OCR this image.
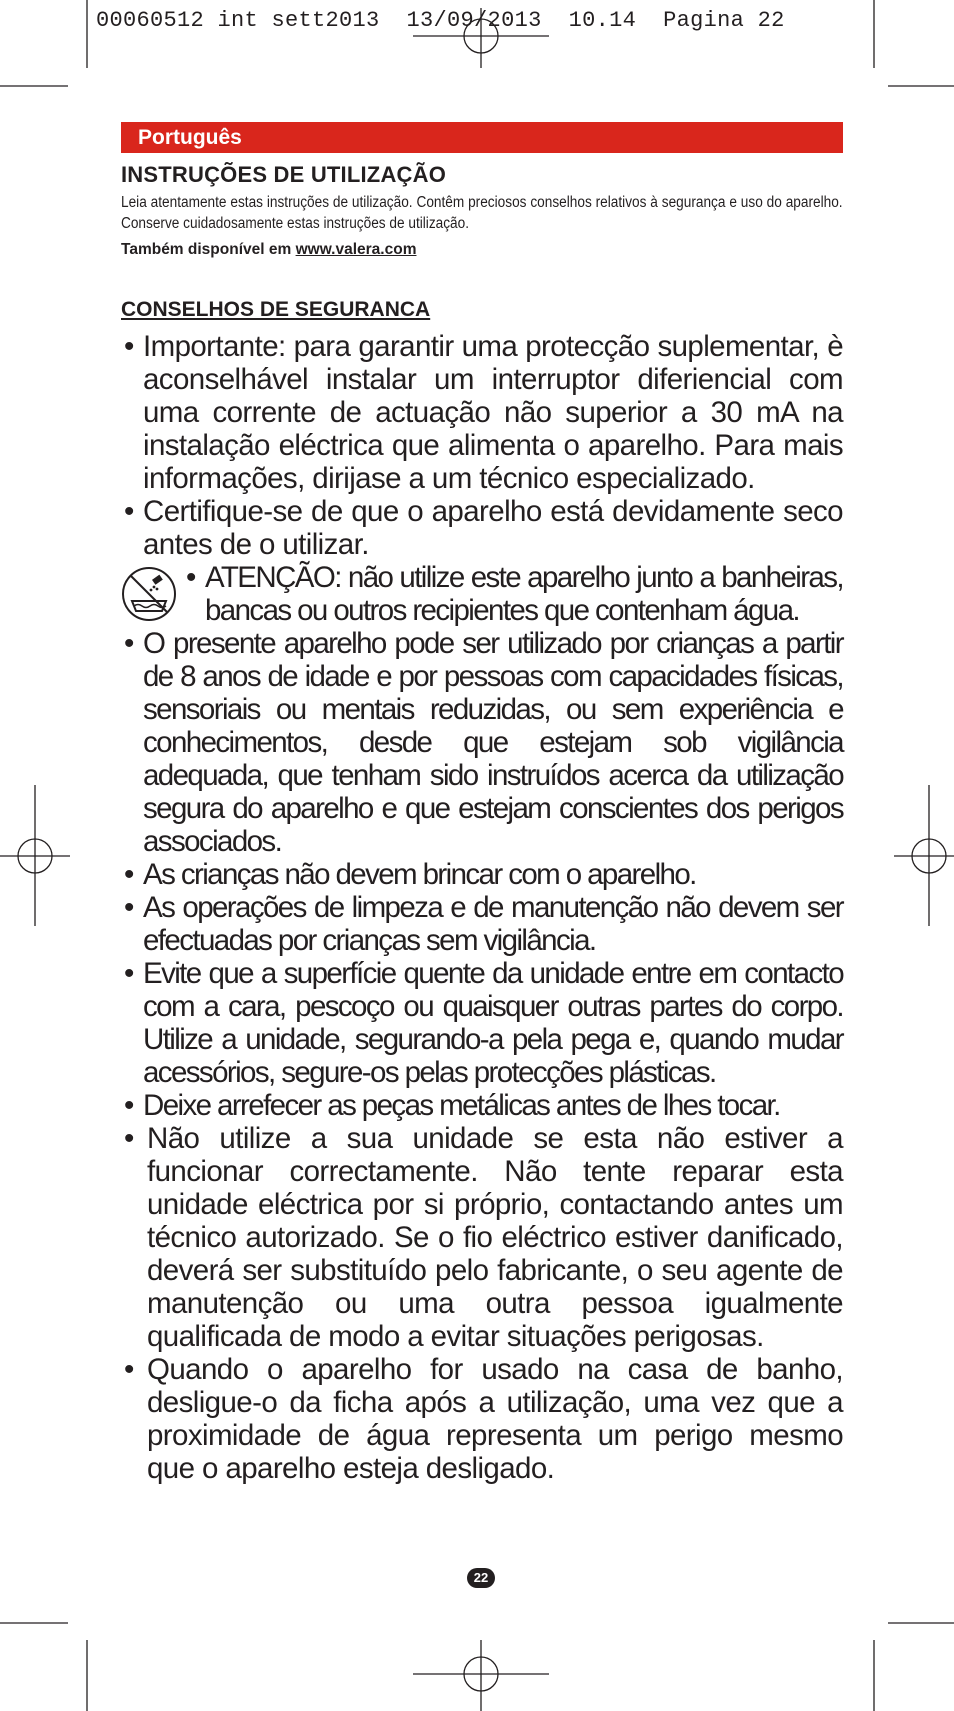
00060512 int sett2013  13/09/2013  10.14  Pagina 22
Português
INSTRUÇÕES DE UTILIZAÇÃO
Leia atentamente estas instruções de utilização. Contêm preciosos conselhos relativos à segurança e uso do aparelho. Conserve cuidadosamente estas instruções de utilização.
Também disponível em www.valera.com
CONSELHOS DE SEGURANCA
• Importante: para garantir uma protecção suplementar, è aconselhável instalar um interruptor diferiencial com uma corrente de actuação não superior a 30 mA na instalação eléctrica que alimenta o aparelho. Para mais informações, dirijase a um técnico especializado.
• Certifique-se de que o aparelho está devidamente seco antes de o utilizar.
• ATENÇÃO: não utilize este aparelho junto a banheiras, bancas ou outros recipientes que contenham água.
• O presente aparelho pode ser utilizado por crianças a partir de 8 anos de idade e por pessoas com capacidades físicas, sensoriais ou mentais reduzidas, ou sem experiência e conhecimentos, desde que estejam sob vigilância adequada, que tenham sido instruídos acerca da utilização segura do aparelho e que estejam conscientes dos perigos associados.
• As crianças não devem brincar com o aparelho.
• As operações de limpeza e de manutenção não devem ser efectuadas por crianças sem vigilância.
• Evite que a superfície quente da unidade entre em contacto com a cara, pescoço ou quaisquer outras partes do corpo. Utilize a unidade, segurando-a pela pega e, quando mudar acessórios, segure-os pelas protecções plásticas.
• Deixe arrefecer as peças metálicas antes de lhes tocar.
• Não utilize a sua unidade se esta não estiver a funcionar correctamente. Não tente reparar esta unidade eléctrica por si próprio, contactando antes um técnico autorizado. Se o fio eléctrico estiver danificado, deverá ser substituído pelo fabricante, o seu agente de manutenção ou uma outra pessoa igualmente qualificada de modo a evitar situações perigosas.
• Quando o aparelho for usado na casa de banho, desligue-o da ficha após a utilização, uma vez que a proximidade de água representa um perigo mesmo que o aparelho esteja desligado.
22
